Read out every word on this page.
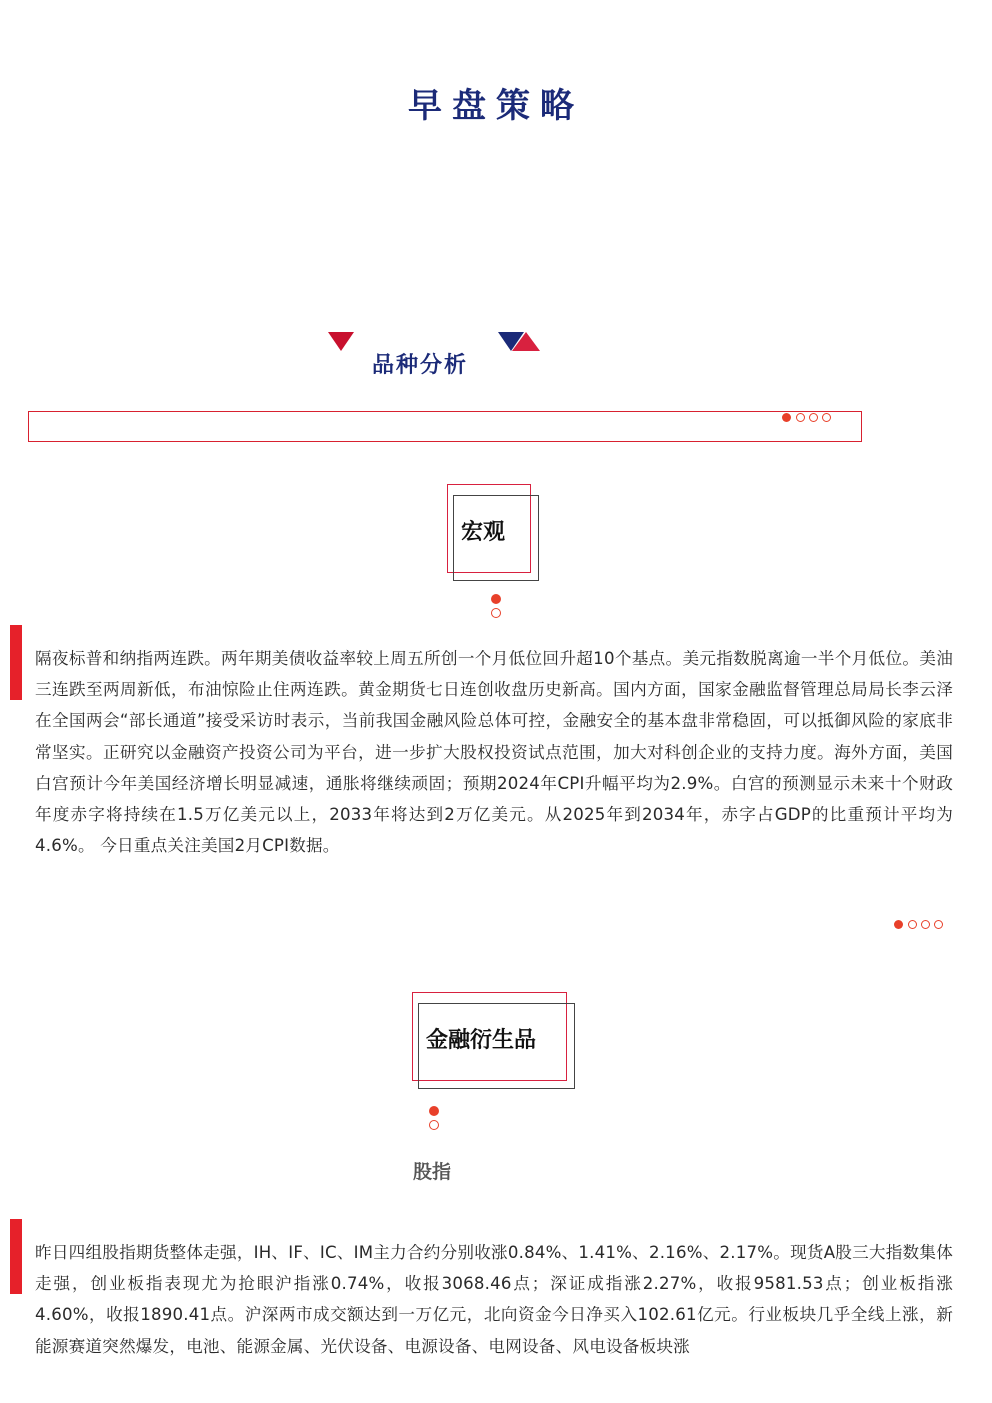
早盘策略
品种分析
宏观
隔夜标普和纳指两连跌。两年期美债收益率较上周五所创一个月低位回升超10个基点。美元指数脱离逾一半个月低位。美油三连跌至两周新低，布油惊险止住两连跌。黄金期货七日连创收盘历史新高。国内方面，国家金融监督管理总局局长李云泽在全国两会“部长通道”接受采访时表示，当前我国金融风险总体可控，金融安全的基本盘非常稳固，可以抵御风险的家底非常坚实。正研究以金融资产投资公司为平台，进一步扩大股权投资试点范围，加大对科创企业的支持力度。海外方面，美国白宫预计今年美国经济增长明显减速，通胀将继续顽固；预期2024年CPI升幅平均为2.9%。白宫的预测显示未来十个财政年度赤字将持续在1.5万亿美元以上，2033年将达到2万亿美元。从2025年到2034年，赤字占GDP的比重预计平均为4.6%。 今日重点关注美国2月CPI数据。
金融衍生品
股指
昨日四组股指期货整体走强，IH、IF、IC、IM主力合约分别收涨0.84%、1.41%、2.16%、2.17%。现货A股三大指数集体走强，创业板指表现尤为抢眼沪指涨0.74%，收报3068.46点；深证成指涨2.27%，收报9581.53点；创业板指涨4.60%，收报1890.41点。沪深两市成交额达到一万亿元，北向资金今日净买入102.61亿元。行业板块几乎全线上涨，新能源赛道突然爆发，电池、能源金属、光伏设备、电源设备、电网设备、风电设备板块涨
